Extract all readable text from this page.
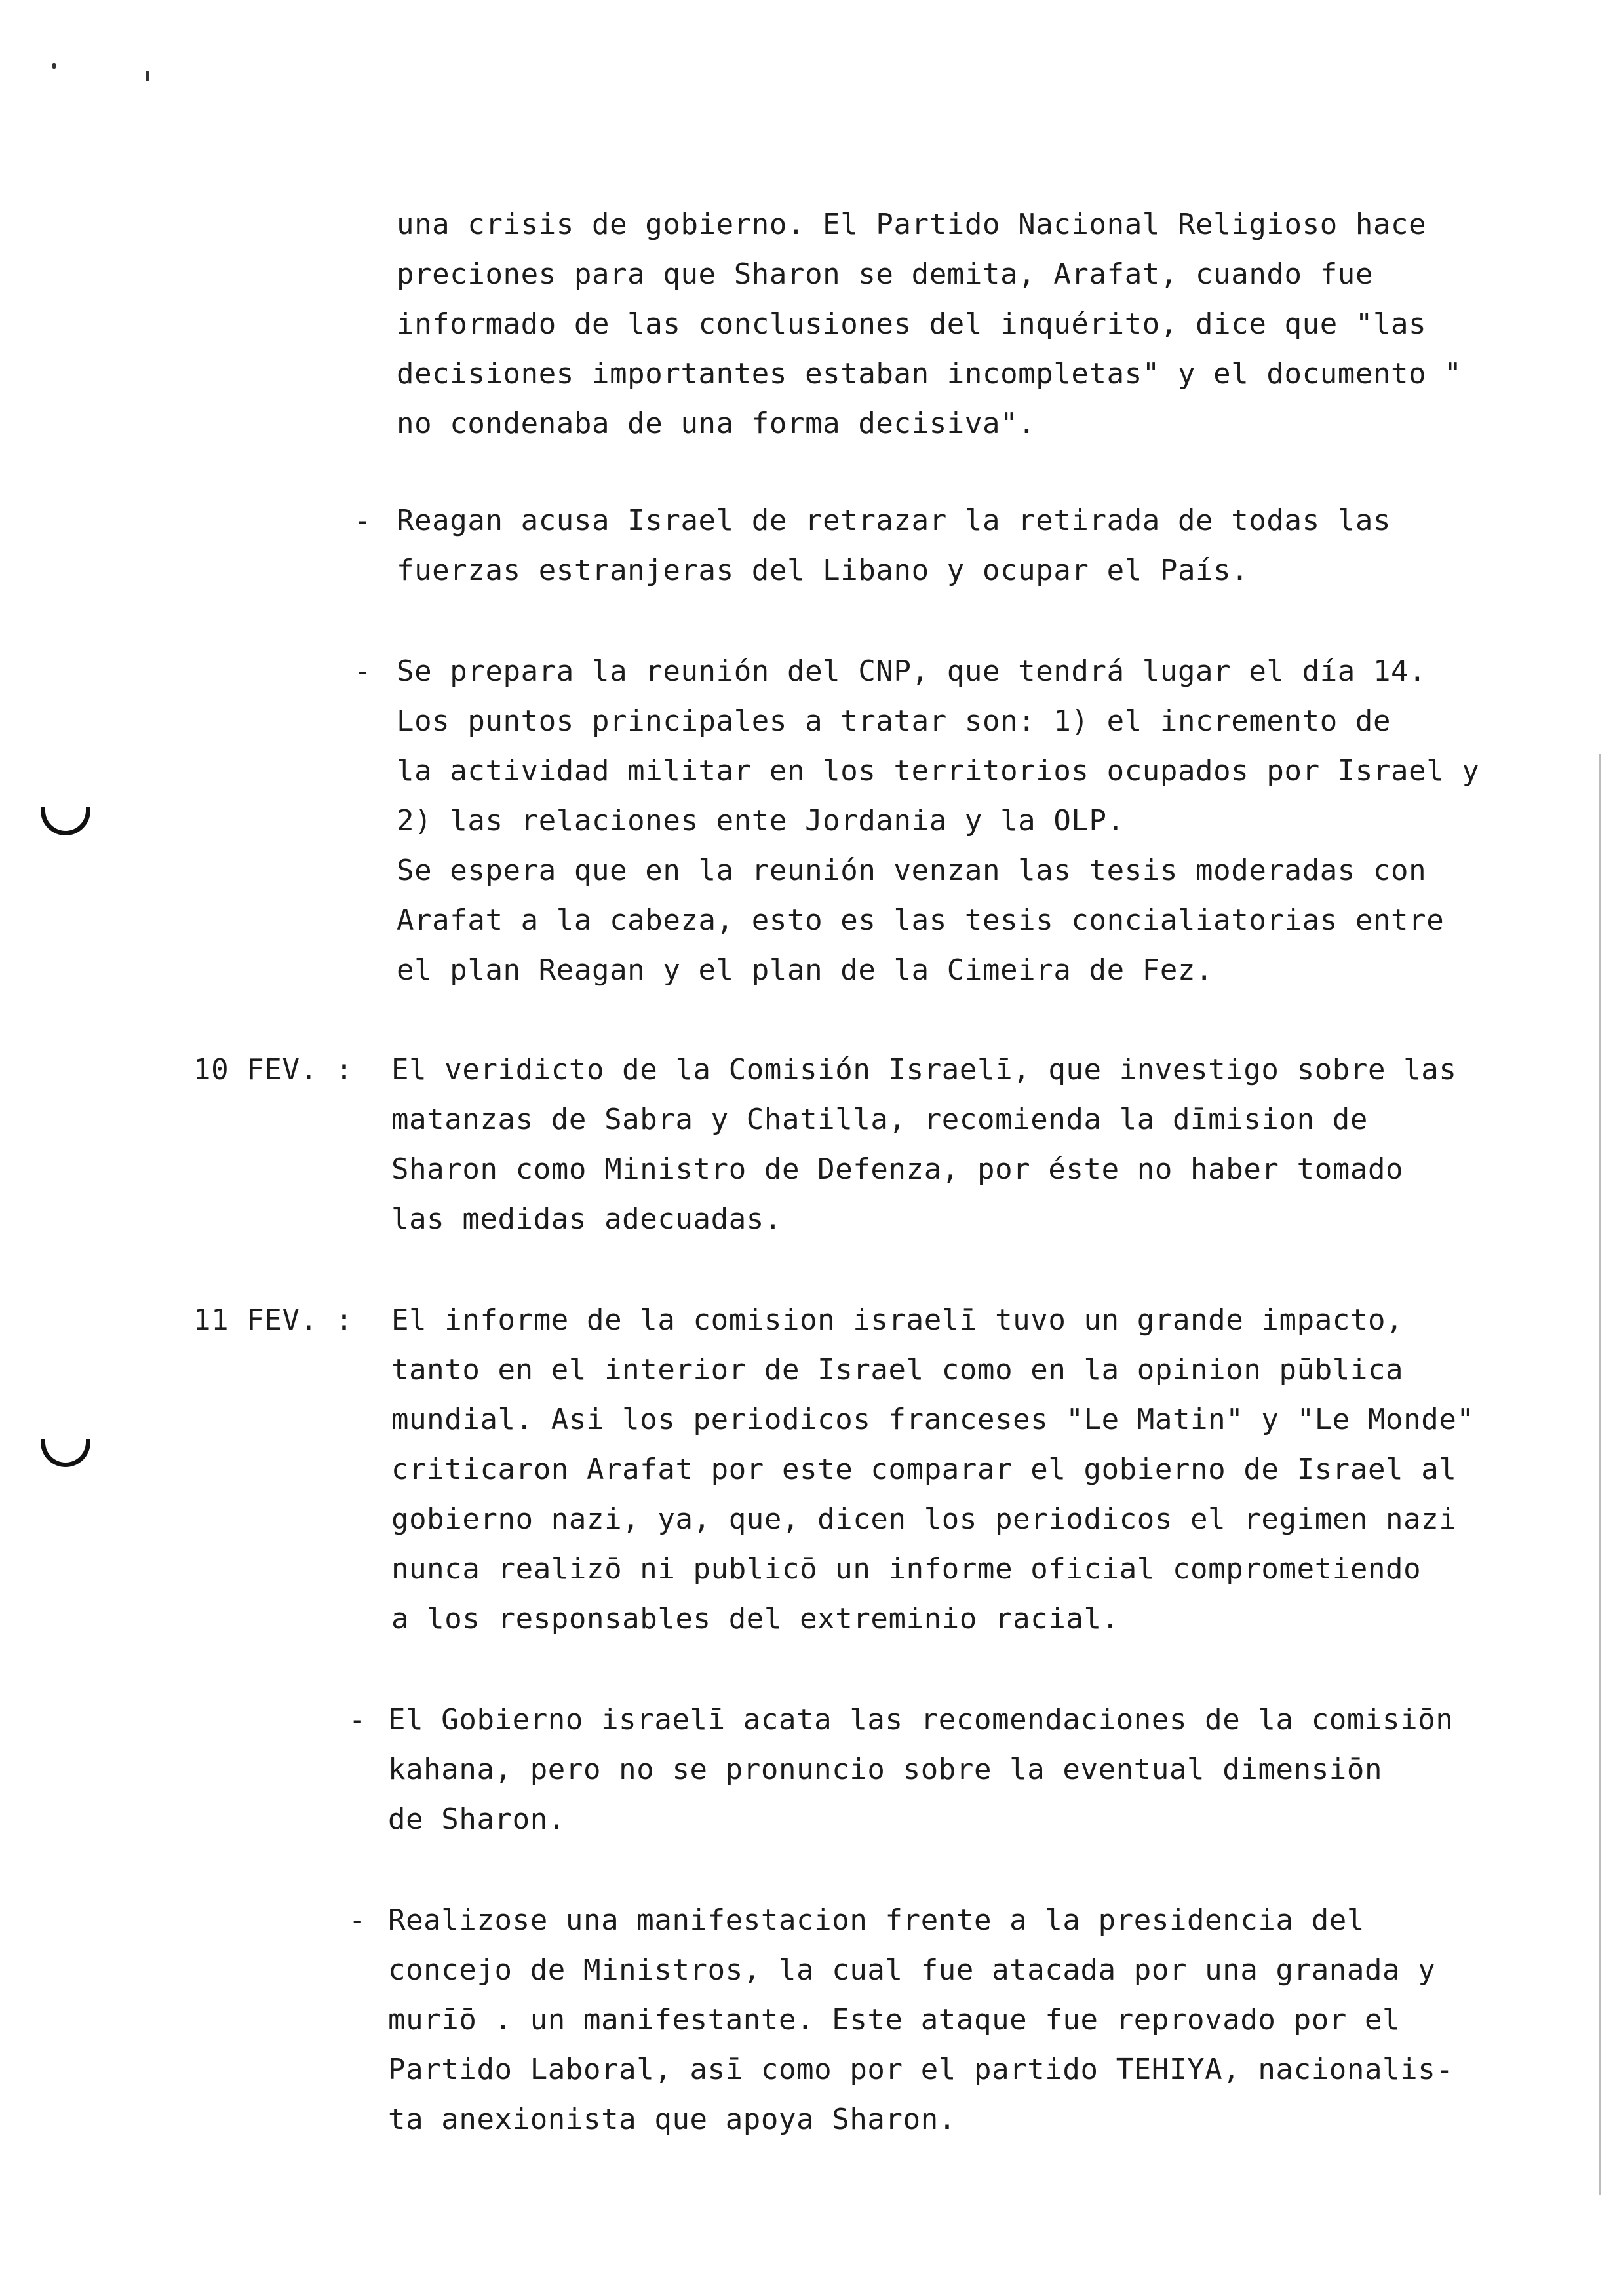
una crisis de gobierno. El Partido Nacional Religioso hace
preciones para que Sharon se demita, Arafat, cuando fue
informado de las conclusiones del inquérito, dice que "las
decisiones importantes estaban incompletas" y el documento "
no condenaba de una forma decisiva".
- Reagan acusa Israel de retrazar la retirada de todas las
fuerzas estranjeras del Libano y ocupar el País.
- Se prepara la reunión del CNP, que tendrá lugar el día 14.
Los puntos principales a tratar son: 1) el incremento de
la actividad militar en los territorios ocupados por Israel y
2) las relaciones ente Jordania y la OLP.
Se espera que en la reunión venzan las tesis moderadas con
Arafat a la cabeza, esto es las tesis concialiatorias entre
el plan Reagan y el plan de la Cimeira de Fez.
10 FEV. : El veridicto de la Comisión Israelī, que investigo sobre las
matanzas de Sabra y Chatilla, recomienda la dīmision de
Sharon como Ministro de Defenza, por éste no haber tomado
las medidas adecuadas.
11 FEV. : El informe de la comision israelī tuvo un grande impacto,
tanto en el interior de Israel como en la opinion pūblica
mundial. Asi los periodicos franceses "Le Matin" y "Le Monde"
criticaron Arafat por este comparar el gobierno de Israel al
gobierno nazi, ya, que, dicen los periodicos el regimen nazi
nunca realizō ni publicō un informe oficial comprometiendo
a los responsables del extreminio racial.
- El Gobierno israelī acata las recomendaciones de la comisiōn
kahana, pero no se pronuncio sobre la eventual dimensiōn
de Sharon.
- Realizose una manifestacion frente a la presidencia del
concejo de Ministros, la cual fue atacada por una granada y
murīō . un manifestante. Este ataque fue reprovado por el
Partido Laboral, asī como por el partido TEHIYA, nacionalis-
ta anexionista que apoya Sharon.
